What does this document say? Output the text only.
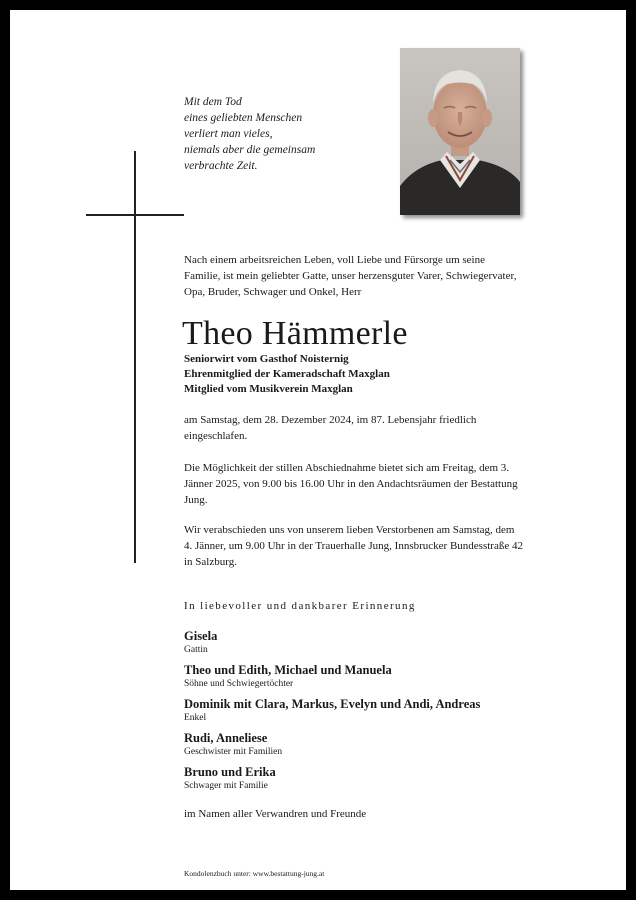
Mit dem Tod
eines geliebten Menschen
verliert man vieles,
niemals aber die gemeinsam
verbrachte Zeit.
Nach einem arbeitsreichen Leben, voll Liebe und Fürsorge um seine Familie, ist mein geliebter Gatte, unser herzensguter Varer, Schwiegervater, Opa, Bruder, Schwager und Onkel, Herr
Theo Hämmerle
Seniorwirt vom Gasthof Noisternig
Ehrenmitglied der Kameradschaft Maxglan
Mitglied vom Musikverein Maxglan
am Samstag, dem 28. Dezember 2024, im 87. Lebensjahr friedlich eingeschlafen.
Die Möglichkeit der stillen Abschiednahme bietet sich am Freitag, dem 3. Jänner 2025, von 9.00 bis 16.00 Uhr in den Andachtsräumen der Bestattung Jung.
Wir verabschieden uns von unserem lieben Verstorbenen am Samstag, dem 4. Jänner, um 9.00 Uhr in der Trauerhalle Jung, Innsbrucker Bundesstraße 42 in Salzburg.
In liebevoller und dankbarer Erinnerung
Gisela
Gattin
Theo und Edith, Michael und Manuela
Söhne und Schwiegertöchter
Dominik mit Clara, Markus, Evelyn und Andi, Andreas
Enkel
Rudi, Anneliese
Geschwister mit Familien
Bruno und Erika
Schwager mit Familie
im Namen aller Verwandren und Freunde
Kondolenzbuch unter: www.bestattung-jung.at
